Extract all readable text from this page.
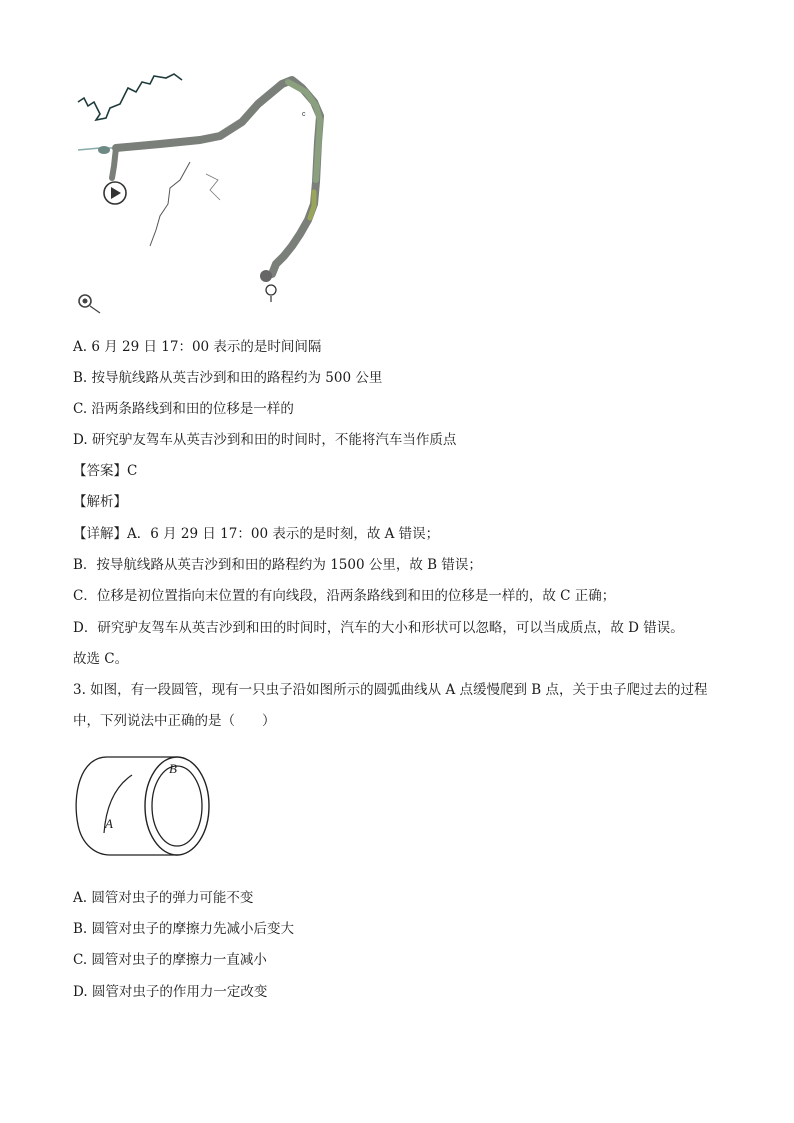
c
A. 6 月 29 日 17：00 表示的是时间间隔
B. 按导航线路从英吉沙到和田的路程约为 500 公里
C. 沿两条路线到和田的位移是一样的
D. 研究驴友驾车从英吉沙到和田的时间时，不能将汽车当作质点
【答案】C
【解析】
【详解】A．6 月 29 日 17：00 表示的是时刻，故 A 错误；
B．按导航线路从英吉沙到和田的路程约为 1500 公里，故 B 错误；
C．位移是初位置指向末位置的有向线段，沿两条路线到和田的位移是一样的，故 C 正确；
D．研究驴友驾车从英吉沙到和田的时间时，汽车的大小和形状可以忽略，可以当成质点，故 D 错误。
故选 C。
3. 如图，有一段圆管，现有一只虫子沿如图所示的圆弧曲线从 A 点缓慢爬到 B 点，关于虫子爬过去的过程
中，下列说法中正确的是（　　）
B
A
A. 圆管对虫子的弹力可能不变
B. 圆管对虫子的摩擦力先减小后变大
C. 圆管对虫子的摩擦力一直减小
D. 圆管对虫子的作用力一定改变
